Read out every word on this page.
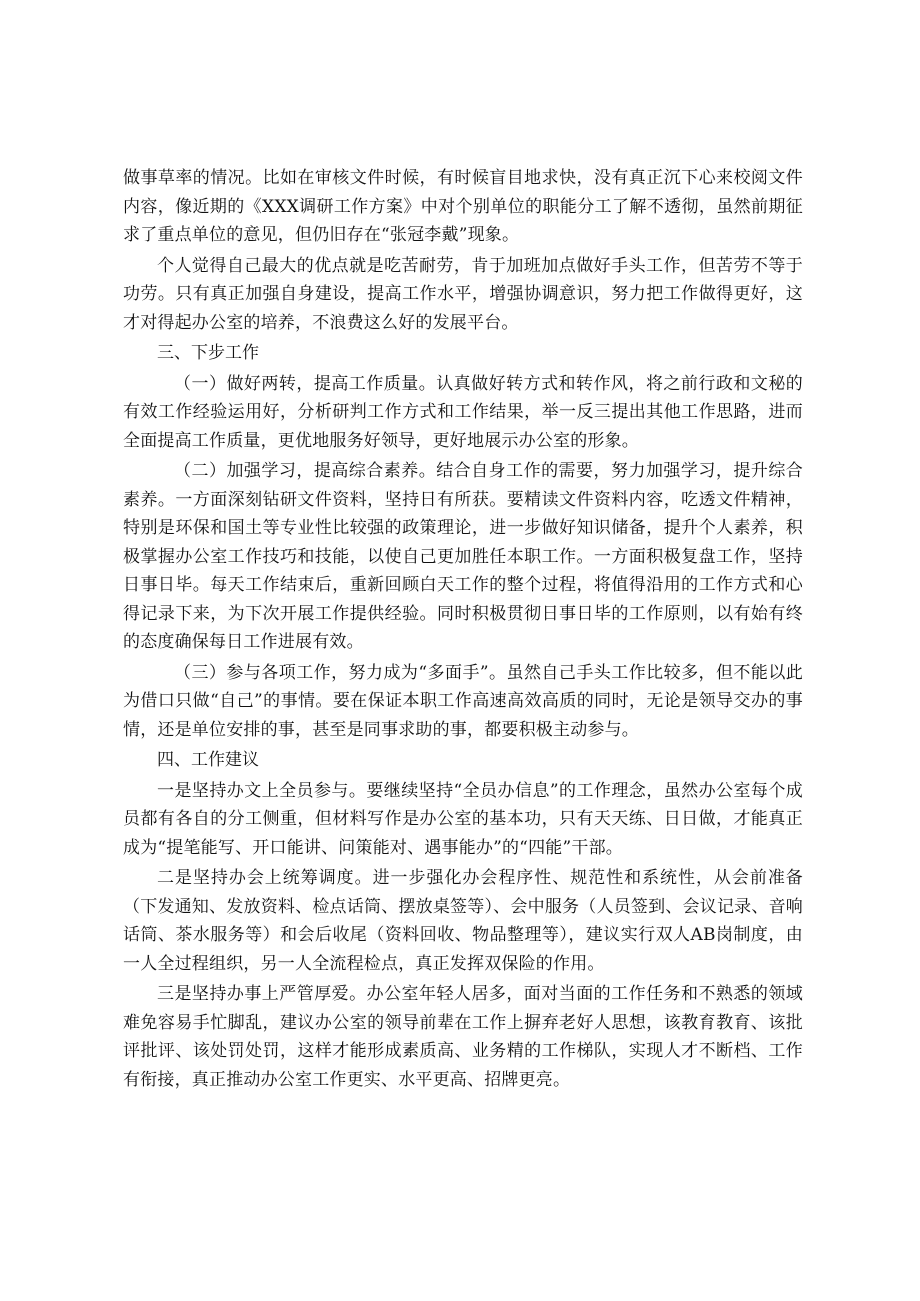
做事草率的情况。比如在审核文件时候，有时候盲目地求快，没有真正沉下心来校阅文件内容，像近期的《XXX调研工作方案》中对个别单位的职能分工了解不透彻，虽然前期征求了重点单位的意见，但仍旧存在“张冠李戴”现象。

个人觉得自己最大的优点就是吃苦耐劳，肯于加班加点做好手头工作，但苦劳不等于功劳。只有真正加强自身建设，提高工作水平，增强协调意识，努力把工作做得更好，这才对得起办公室的培养，不浪费这么好的发展平台。

三、下步工作

（一）做好两转，提高工作质量。认真做好转方式和转作风，将之前行政和文秘的有效工作经验运用好，分析研判工作方式和工作结果，举一反三提出其他工作思路，进而全面提高工作质量，更优地服务好领导，更好地展示办公室的形象。

（二）加强学习，提高综合素养。结合自身工作的需要，努力加强学习，提升综合素养。一方面深刻钻研文件资料，坚持日有所获。要精读文件资料内容，吃透文件精神，特别是环保和国土等专业性比较强的政策理论，进一步做好知识储备，提升个人素养，积极掌握办公室工作技巧和技能，以使自己更加胜任本职工作。一方面积极复盘工作，坚持日事日毕。每天工作结束后，重新回顾白天工作的整个过程，将值得沿用的工作方式和心得记录下来，为下次开展工作提供经验。同时积极贯彻日事日毕的工作原则，以有始有终的态度确保每日工作进展有效。

（三）参与各项工作，努力成为“多面手”。虽然自己手头工作比较多，但不能以此为借口只做“自己”的事情。要在保证本职工作高速高效高质的同时，无论是领导交办的事情，还是单位安排的事，甚至是同事求助的事，都要积极主动参与。

四、工作建议

一是坚持办文上全员参与。要继续坚持“全员办信息”的工作理念，虽然办公室每个成员都有各自的分工侧重，但材料写作是办公室的基本功，只有天天练、日日做，才能真正成为“提笔能写、开口能讲、问策能对、遇事能办”的“四能”干部。

二是坚持办会上统筹调度。进一步强化办会程序性、规范性和系统性，从会前准备（下发通知、发放资料、检点话筒、摆放桌签等）、会中服务（人员签到、会议记录、音响话筒、茶水服务等）和会后收尾（资料回收、物品整理等），建议实行双人AB岗制度，由一人全过程组织，另一人全流程检点，真正发挥双保险的作用。

三是坚持办事上严管厚爱。办公室年轻人居多，面对当面的工作任务和不熟悉的领域难免容易手忙脚乱，建议办公室的领导前辈在工作上摒弃老好人思想，该教育教育、该批评批评、该处罚处罚，这样才能形成素质高、业务精的工作梯队，实现人才不断档、工作有衔接，真正推动办公室工作更实、水平更高、招牌更亮。
